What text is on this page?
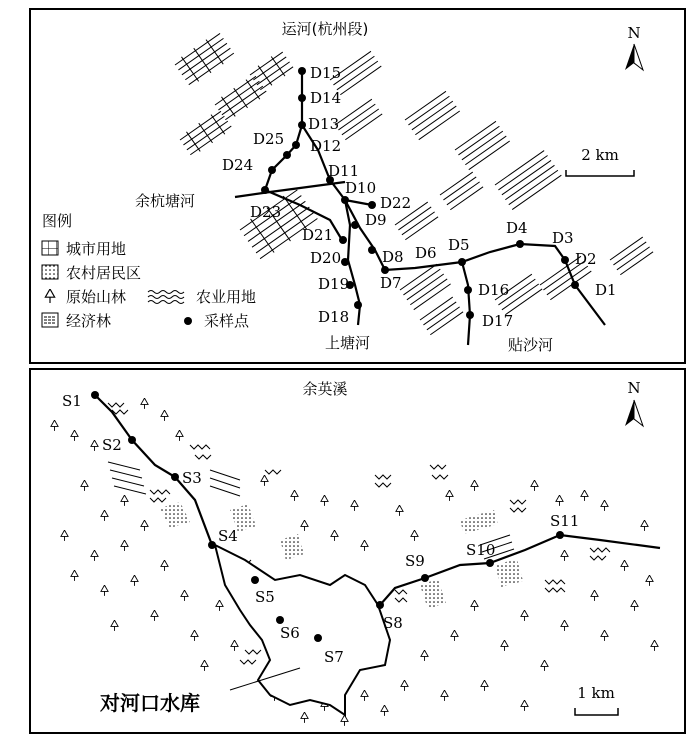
运河(杭州段)	N
2 km
D15
D14
D13
D12
D25
D24	D11
D10
D22
D23	D9
D21
D8 D6 D5
D4
D3
D2
D1
D20
D7
D19	D16
D17
D18
余杭塘河
上塘河	贴沙河
图例
城市用地
农村居民区
原始山林	农业用地
经济林	采样点
余英溪	N
1 km
对河口水库
S1
S2
S3
S4
S5
S6
S7
S8
S9
S10
S11
